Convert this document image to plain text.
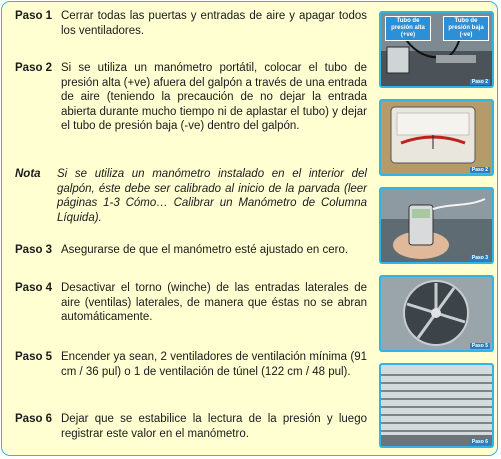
Paso 1 Cerrar todas las puertas y entradas de aire y apagar todos los ventiladores.
Paso 2 Si se utiliza un manómetro portátil, colocar el tubo de presión alta (+ve) afuera del galpón a través de una entrada de aire (teniendo la precaución de no dejar la entrada abierta durante mucho tiempo ni de aplastar el tubo) y dejar el tubo de presión baja (-ve) dentro del galpón.
Nota	Si se utiliza un manómetro instalado en el interior del galpón, éste debe ser calibrado al inicio de la parvada (leer páginas 1-3 Cómo… Calibrar un Manómetro de Columna Líquida).
Paso 3 Asegurarse de que el manómetro esté ajustado en cero.
Paso 4 Desactivar el torno (winche) de las entradas laterales de aire (ventilas) laterales, de manera que éstas no se abran automáticamente.
Paso 5 Encender ya sean, 2 ventiladores de ventilación mínima (91 cm / 36 pul) o 1 de ventilación de túnel (122 cm / 48 pul).
Paso 6 Dejar que se estabilice la lectura de la presión y luego registrar este valor en el manómetro.
Tubo de presión alta (+ve)
Tubo de presión baja (-ve)
Paso 2
Paso 2
Paso 3
Paso 5
Paso 6
